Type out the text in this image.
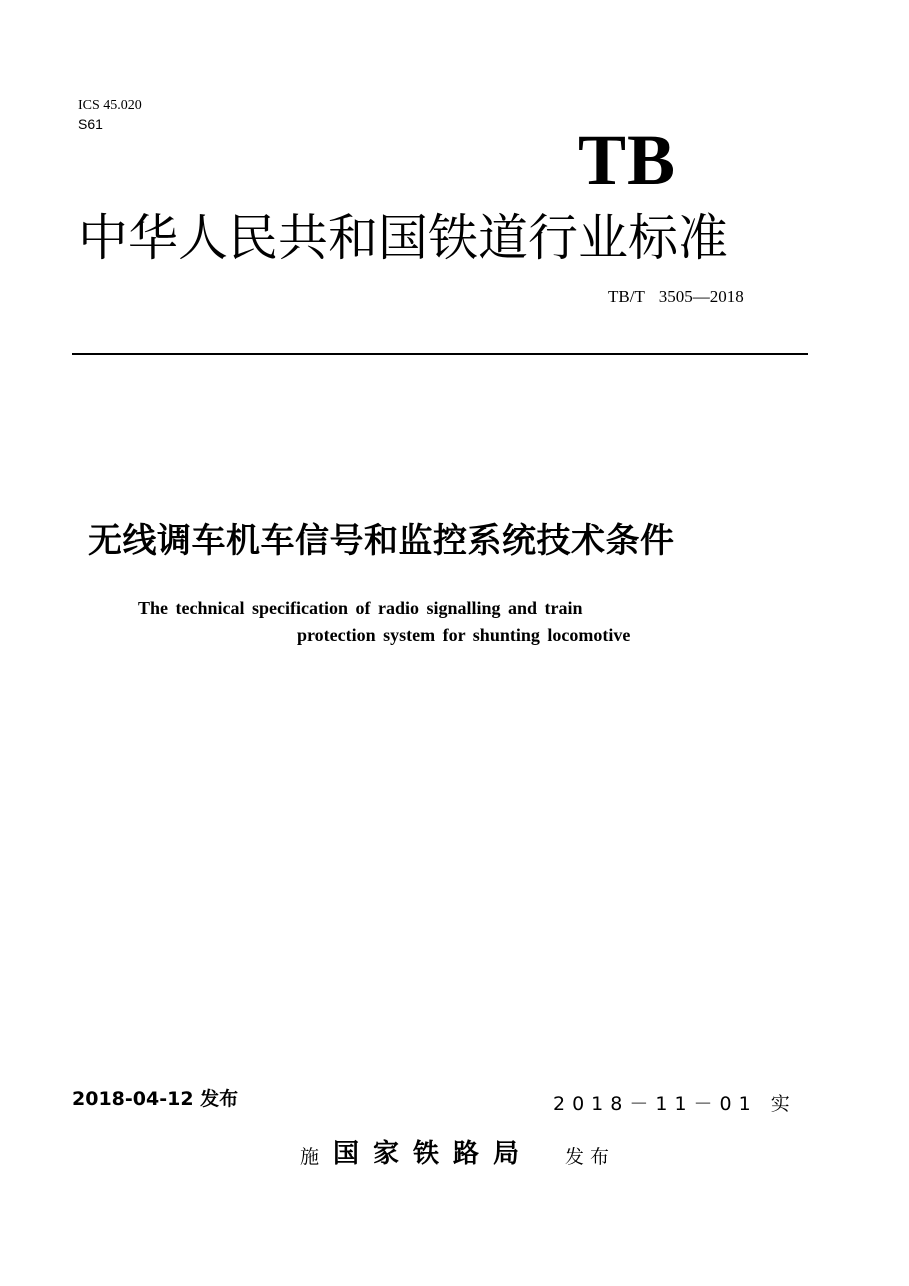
ICS 45.020
S61	TB
中华人民共和国铁道行业标准
TB/T 3505—2018
无线调车机车信号和监控系统技术条件
The technical specification of radio signalling and train
protection system for shunting locomotive
2018-04-12 发布	2018－11－01 实
施 国家铁路局 发布
